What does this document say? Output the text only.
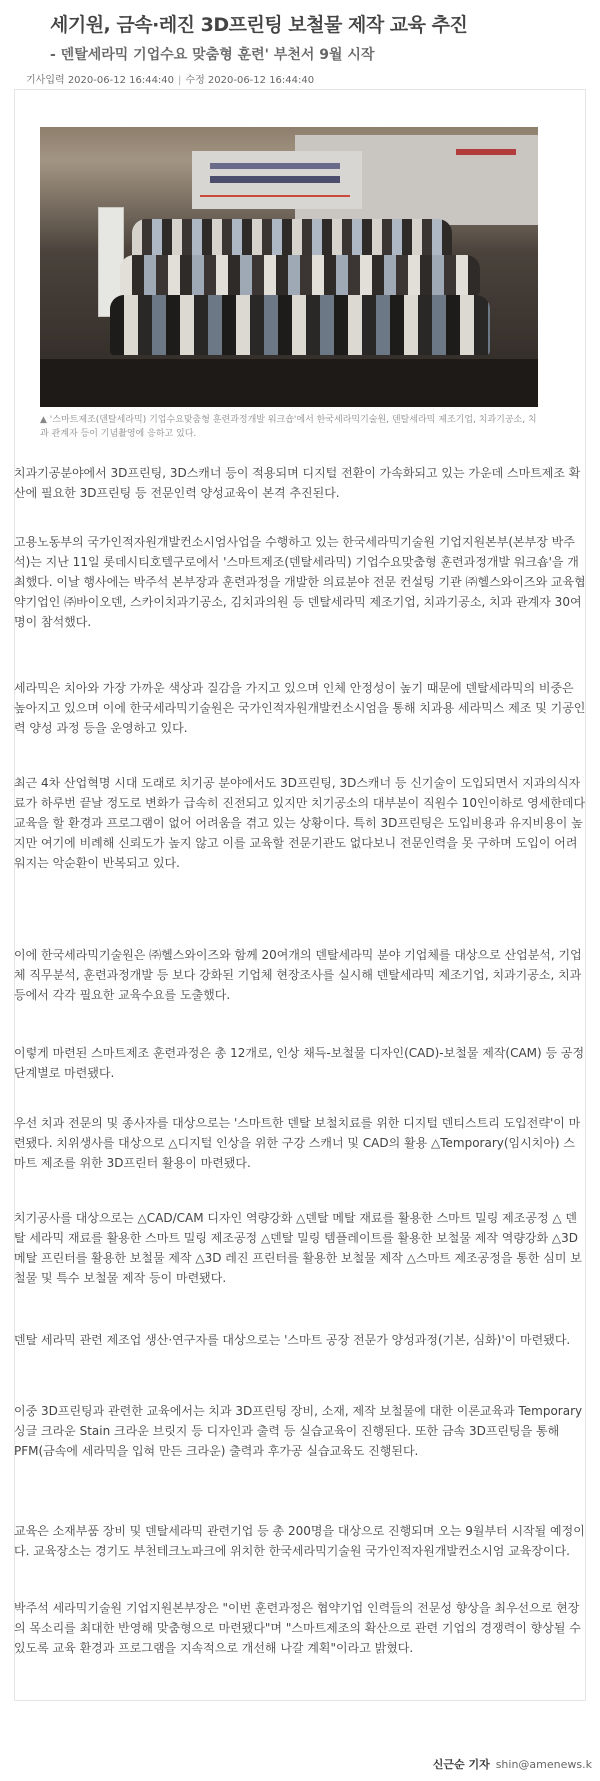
세기원, 금속·레진 3D프린팅 보철물 제작 교육 추진
- 덴탈세라믹 기업수요 맞춤형 훈련' 부천서 9월 시작
기사입력 2020-06-12 16:44:40 | 수정 2020-06-12 16:44:40
▲ '스마트제조(덴탈세라믹) 기업수요맞춤형 훈련과정개발 워크숍'에서 한국세라믹기술원, 덴탈세라믹 제조기업, 치과기공소, 치과 관계자 등이 기념촬영에 응하고 있다.

치과기공분야에서 3D프린팅, 3D스캐너 등이 적용되며 디지털 전환이 가속화되고 있는 가운데 스마트제조 확산에 필요한 3D프린팅 등 전문인력 양성교육이 본격 추진된다.

고용노동부의 국가인적자원개발컨소시엄사업을 수행하고 있는 한국세라믹기술원 기업지원본부(본부장 박주석)는 지난 11일 롯데시티호텔구로에서 '스마트제조(덴탈세라믹) 기업수요맞춤형 훈련과정개발 워크숍'을 개최했다. 이날 행사에는 박주석 본부장과 훈련과정을 개발한 의료분야 전문 컨설팅 기관 ㈜헬스와이즈와 교육협약기업인 ㈜바이오덴, 스카이치과기공소, 김치과의원 등 덴탈세라믹 제조기업, 치과기공소, 치과 관계자 30여명이 참석했다.

세라믹은 치아와 가장 가까운 색상과 질감을 가지고 있으며 인체 안정성이 높기 때문에 덴탈세라믹의 비중은 높아지고 있으며 이에 한국세라믹기술원은 국가인적자원개발컨소시엄을 통해 치과용 세라믹스 제조 및 기공인력 양성 과정 등을 운영하고 있다.

최근 4차 산업혁명 시대 도래로 치기공 분야에서도 3D프린팅, 3D스캐너 등 신기술이 도입되면서 지과의식자료가 하루번 끝날 정도로 변화가 급속히 진전되고 있지만 치기공소의 대부분이 직원수 10인이하로 영세한데다 교육을 할 환경과 프로그램이 없어 어려움을 겪고 있는 상황이다. 특히 3D프린팅은 도입비용과 유지비용이 높지만 여기에 비례해 신뢰도가 높지 않고 이를 교육할 전문기관도 없다보니 전문인력을 못 구하며 도입이 어려워지는 악순환이 반복되고 있다.

이에 한국세라믹기술원은 ㈜헬스와이즈와 함께 20여개의 덴탈세라믹 분야 기업체를 대상으로 산업분석, 기업체 직무분석, 훈련과정개발 등 보다 강화된 기업체 현장조사를 실시해 덴탈세라믹 제조기업, 치과기공소, 치과 등에서 각각 필요한 교육수요를 도출했다.

이렇게 마련된 스마트제조 훈련과정은 총 12개로, 인상 채득-보철물 디자인(CAD)-보철물 제작(CAM) 등 공정 단계별로 마련됐다.

우선 치과 전문의 및 종사자를 대상으로는 '스마트한 덴탈 보철치료를 위한 디지털 덴티스트리 도입전략'이 마련됐다. 치위생사를 대상으로 △디지털 인상을 위한 구강 스캐너 및 CAD의 활용 △Temporary(임시치아) 스마트 제조를 위한 3D프린터 활용이 마련됐다.

치기공사를 대상으로는 △CAD/CAM 디자인 역량강화 △덴탈 메탈 재료를 활용한 스마트 밀링 제조공정 △ 덴탈 세라믹 재료를 활용한 스마트 밀링 제조공정 △덴탈 밀링 템플레이트를 활용한 보철물 제작 역량강화 △3D 메탈 프린터를 활용한 보철물 제작 △3D 레진 프린터를 활용한 보철물 제작 △스마트 제조공정을 통한 심미 보철물 및 특수 보철물 제작 등이 마련됐다.

덴탈 세라믹 관련 제조업 생산·연구자를 대상으로는 '스마트 공장 전문가 양성과정(기본, 심화)'이 마련됐다.

이중 3D프린팅과 관련한 교육에서는 치과 3D프린팅 장비, 소재, 제작 보철물에 대한 이론교육과 Temporary싱글 크라운 Stain 크라운 브릿지 등 디자인과 출력 등 실습교육이 진행된다. 또한 금속 3D프린팅을 통해 PFM(금속에 세라믹을 입혀 만든 크라운) 출력과 후가공 실습교육도 진행된다.

교육은 소재부품 장비 및 덴탈세라믹 관련기업 등 총 200명을 대상으로 진행되며 오는 9월부터 시작될 예정이다. 교육장소는 경기도 부천테크노파크에 위치한 한국세라믹기술원 국가인적자원개발컨소시엄 교육장이다.

박주석 세라믹기술원 기업지원본부장은 "이번 훈련과정은 협약기업 인력들의 전문성 향상을 최우선으로 현장의 목소리를 최대한 반영해 맞춤형으로 마련됐다"며 "스마트제조의 확산으로 관련 기업의 경쟁력이 향상될 수 있도록 교육 환경과 프로그램을 지속적으로 개선해 나갈 계획"이라고 밝혔다.

신근순 기자 shin@amenews.k
